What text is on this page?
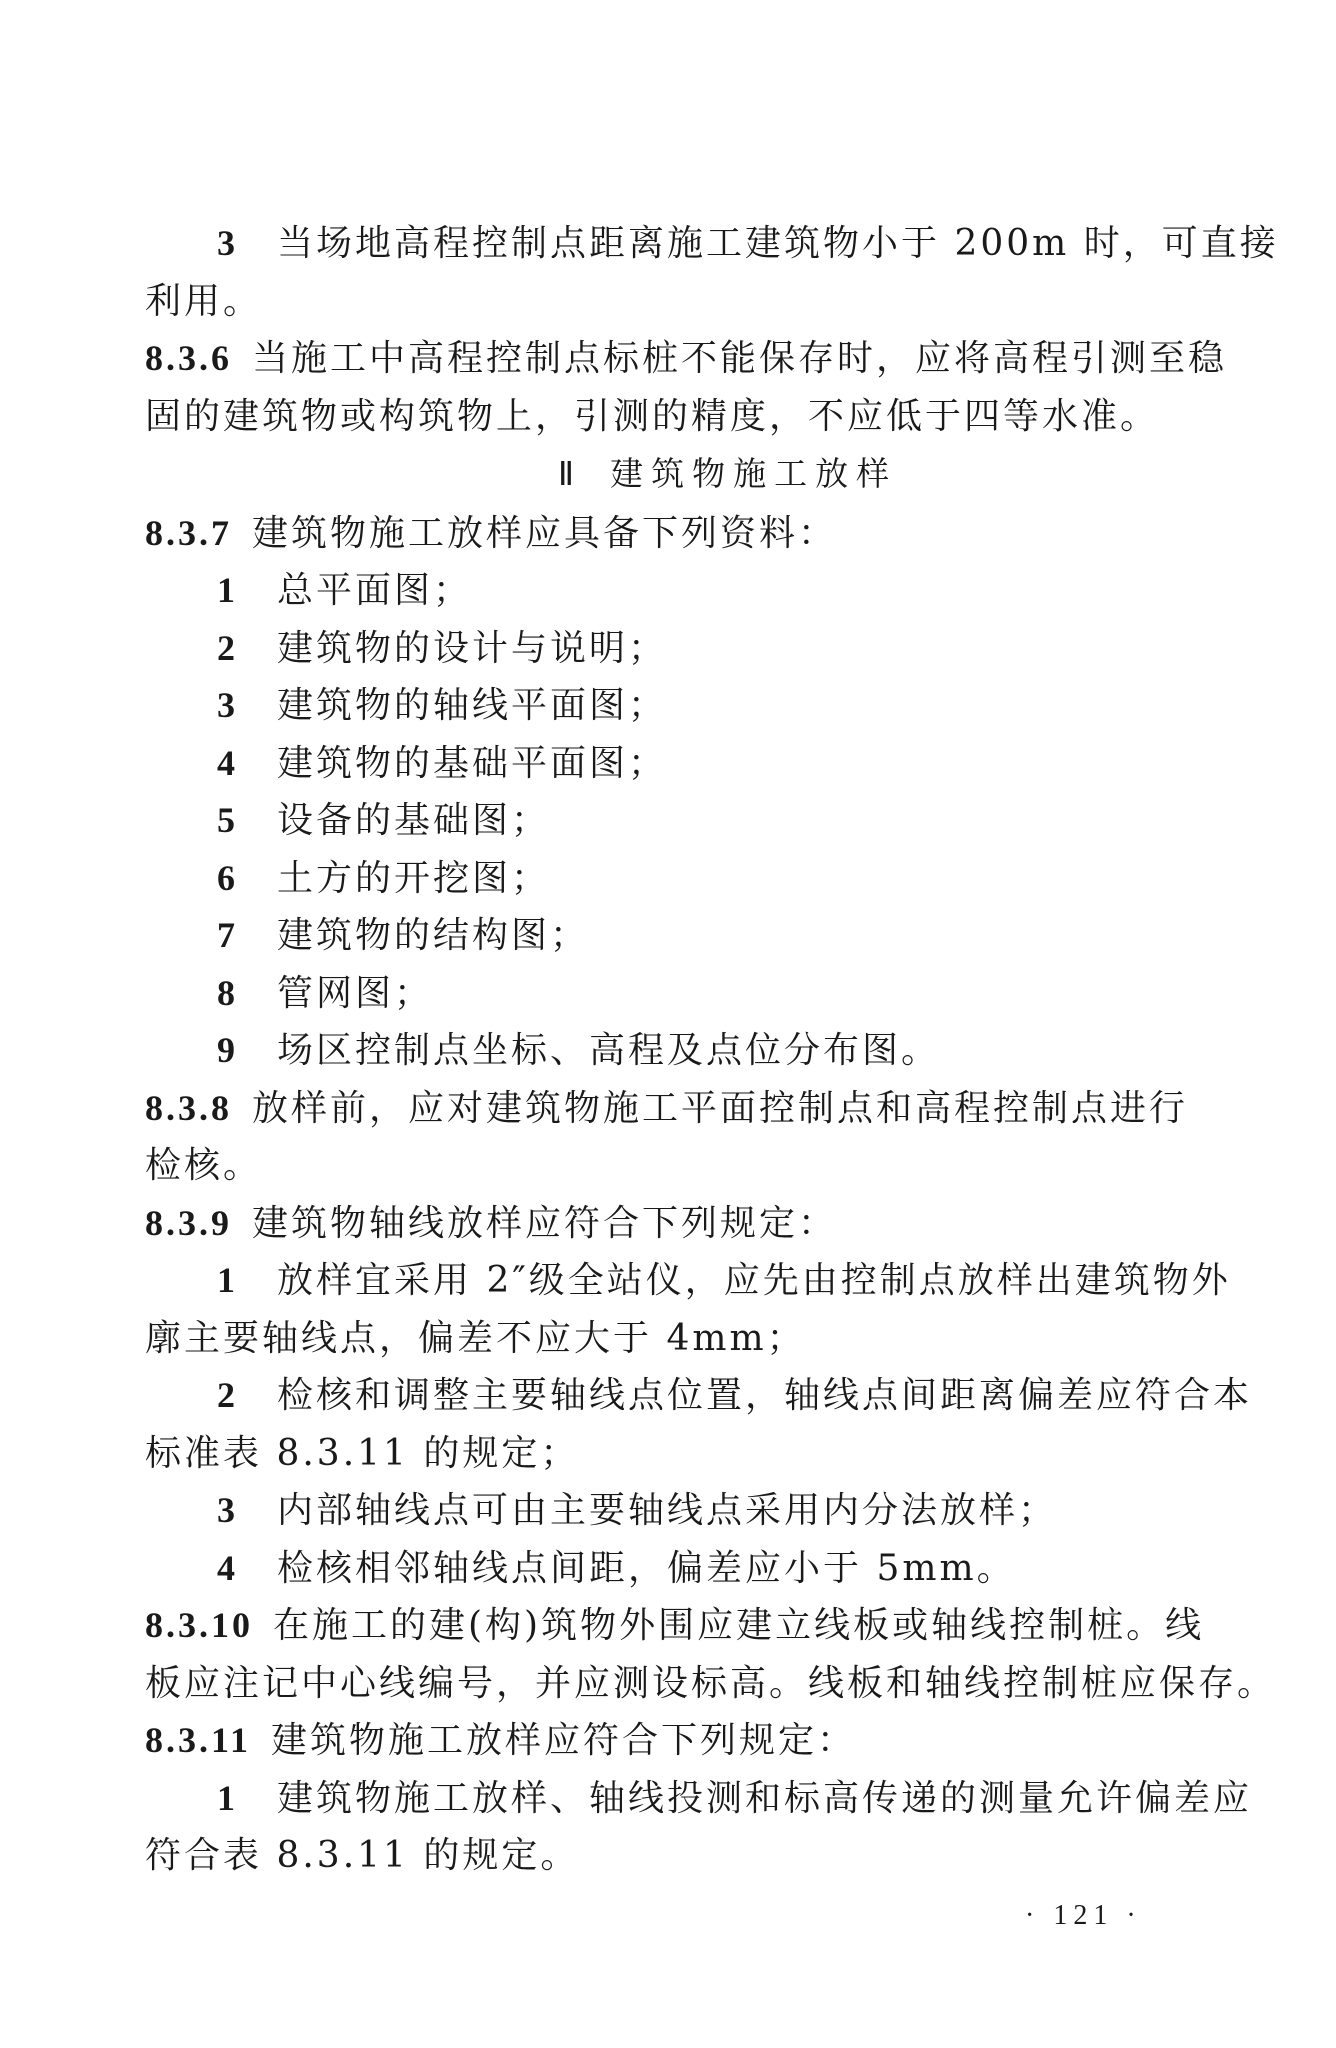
3 当场地高程控制点距离施工建筑物小于 200m 时，可直接
利用。
8.3.6 当施工中高程控制点标桩不能保存时，应将高程引测至稳
固的建筑物或构筑物上，引测的精度，不应低于四等水准。
Ⅱ 建筑物施工放样
8.3.7 建筑物施工放样应具备下列资料：
1 总平面图；
2 建筑物的设计与说明；
3 建筑物的轴线平面图；
4 建筑物的基础平面图；
5 设备的基础图；
6 土方的开挖图；
7 建筑物的结构图；
8 管网图；
9 场区控制点坐标、高程及点位分布图。
8.3.8 放样前，应对建筑物施工平面控制点和高程控制点进行
检核。
8.3.9 建筑物轴线放样应符合下列规定：
1 放样宜采用 2″级全站仪，应先由控制点放样出建筑物外
廓主要轴线点，偏差不应大于 4mm；
2 检核和调整主要轴线点位置，轴线点间距离偏差应符合本
标准表 8.3.11 的规定；
3 内部轴线点可由主要轴线点采用内分法放样；
4 检核相邻轴线点间距，偏差应小于 5mm。
8.3.10 在施工的建(构)筑物外围应建立线板或轴线控制桩。线
板应注记中心线编号，并应测设标高。线板和轴线控制桩应保存。
8.3.11 建筑物施工放样应符合下列规定：
1 建筑物施工放样、轴线投测和标高传递的测量允许偏差应
符合表 8.3.11 的规定。
· 121 ·
